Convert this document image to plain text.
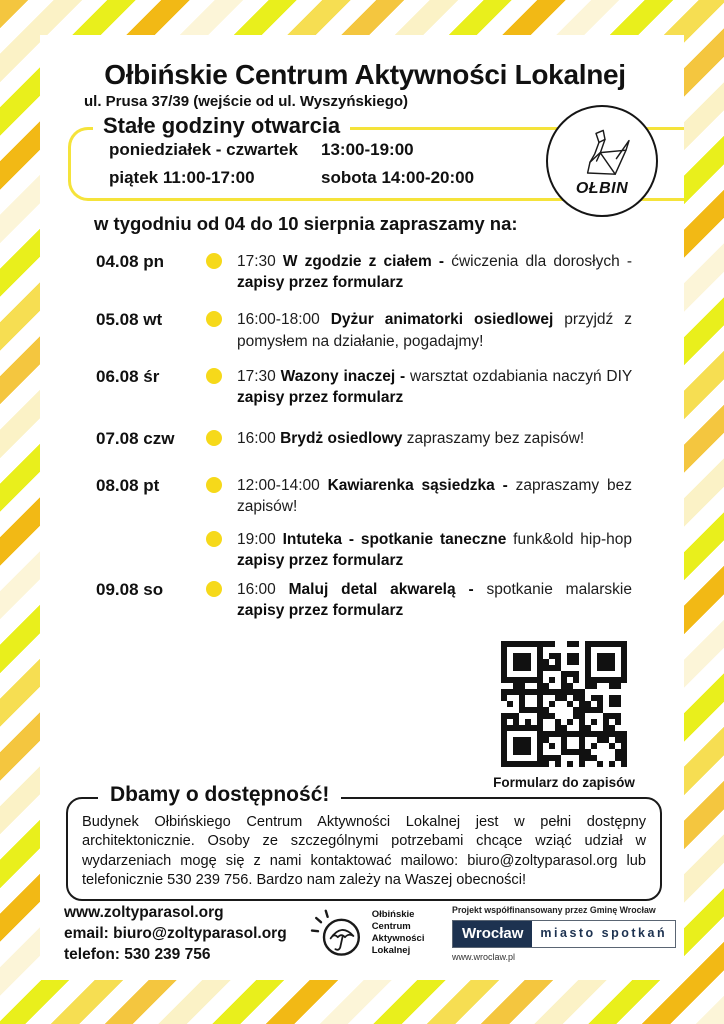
Ołbińskie Centrum Aktywności Lokalnej
ul. Prusa 37/39 (wejście od ul. Wyszyńskiego)
Stałe godziny otwarcia
poniedziałek - czwartek	13:00-19:00
piątek 11:00-17:00	sobota 14:00-20:00
OŁBIN
w tygodniu od 04 do 10 sierpnia zapraszamy na:
04.08 pn	17:30 W zgodzie z ciałem - ćwiczenia dla dorosłych - zapisy przez formularz
05.08 wt	16:00-18:00 Dyżur animatorki osiedlowej przyjdź z pomysłem na działanie, pogadajmy!
06.08 śr	17:30 Wazony inaczej - warsztat ozdabiania naczyń DIY zapisy przez formularz
07.08 czw	16:00 Brydż osiedlowy zapraszamy bez zapisów!
08.08 pt	12:00-14:00 Kawiarenka sąsiedzka - zapraszamy bez zapisów!
19:00 Intuteka - spotkanie taneczne funk&old hip-hop zapisy przez formularz
09.08 so	16:00 Maluj detal akwarelą - spotkanie malarskie zapisy przez formularz
Formularz do zapisów
Dbamy o dostępność!

Budynek Ołbińskiego Centrum Aktywności Lokalnej jest w pełni dostępny architektonicznie. Osoby ze szczególnymi potrzebami chcące wziąć udział w wydarzeniach mogę się z nami kontaktować mailowo: biuro@zoltyparasol.org lub telefonicznie 530 239 756. Bardzo nam zależy na Waszej obecności!

www.zoltyparasol.org
email: biuro@zoltyparasol.org
telefon: 530 239 756
Ołbińskie
Centrum
Aktywności
Lokalnej
Projekt współfinansowany przez Gminę Wrocław
Wrocław	miasto spotkań
www.wroclaw.pl
